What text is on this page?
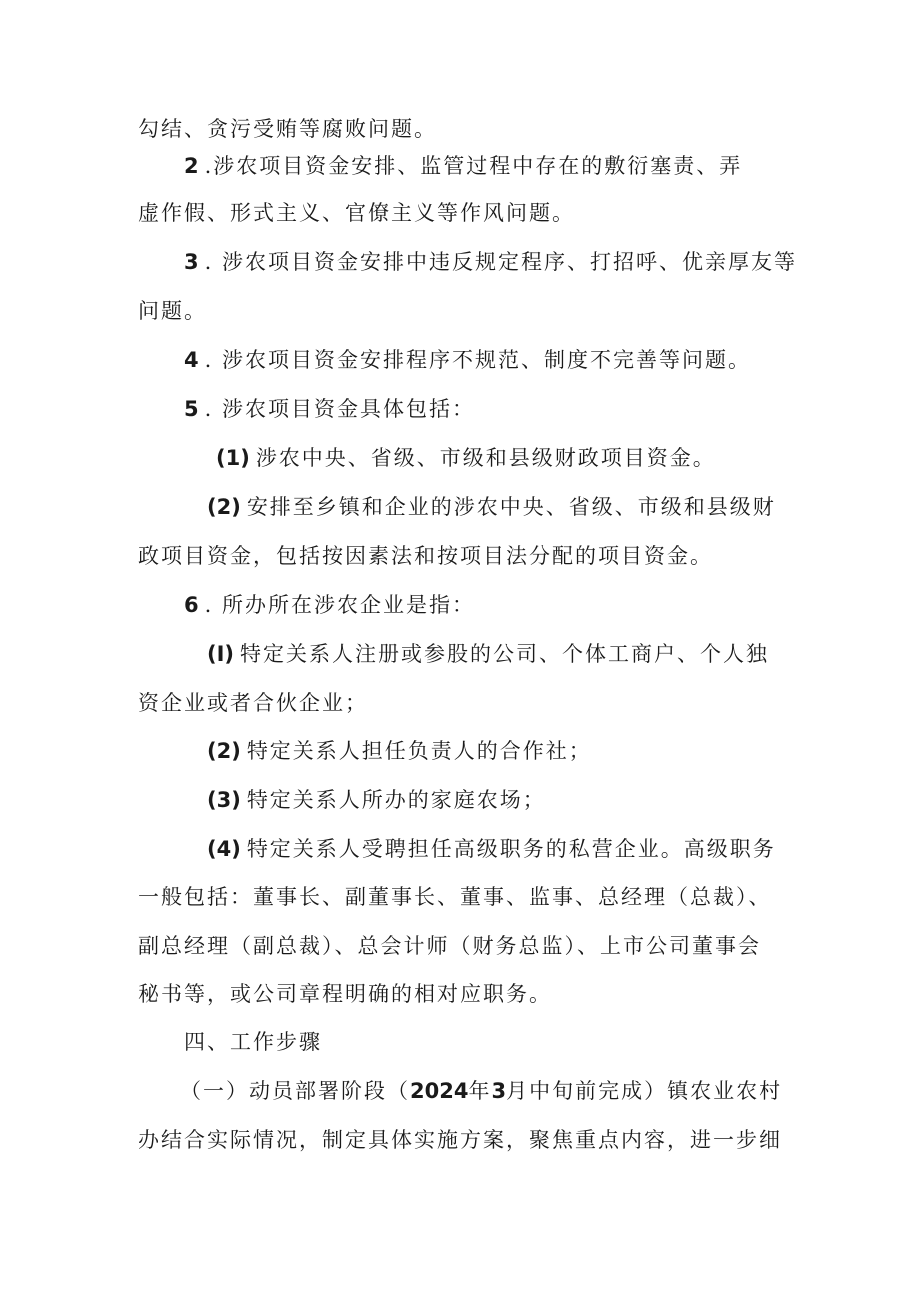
勾结、贪污受贿等腐败问题。
2 .涉农项目资金安排、监管过程中存在的敷衍塞责、弄
虚作假、形式主义、官僚主义等作风问题。
3 . 涉农项目资金安排中违反规定程序、打招呼、优亲厚友等
问题。
4 . 涉农项目资金安排程序不规范、制度不完善等问题。
5 . 涉农项目资金具体包括：
(1) 涉农中央、省级、市级和县级财政项目资金。
(2) 安排至乡镇和企业的涉农中央、省级、市级和县级财
政项目资金，包括按因素法和按项目法分配的项目资金。
6 . 所办所在涉农企业是指：
(I) 特定关系人注册或参股的公司、个体工商户、个人独
资企业或者合伙企业；
(2) 特定关系人担任负责人的合作社；
(3) 特定关系人所办的家庭农场；
(4) 特定关系人受聘担任高级职务的私营企业。高级职务
一般包括：董事长、副董事长、董事、监事、总经理（总裁）、
副总经理（副总裁）、总会计师（财务总监）、上市公司董事会
秘书等，或公司章程明确的相对应职务。
四、工作步骤
（一）动员部署阶段（2024年3月中旬前完成）镇农业农村
办结合实际情况，制定具体实施方案，聚焦重点内容，进一步细
